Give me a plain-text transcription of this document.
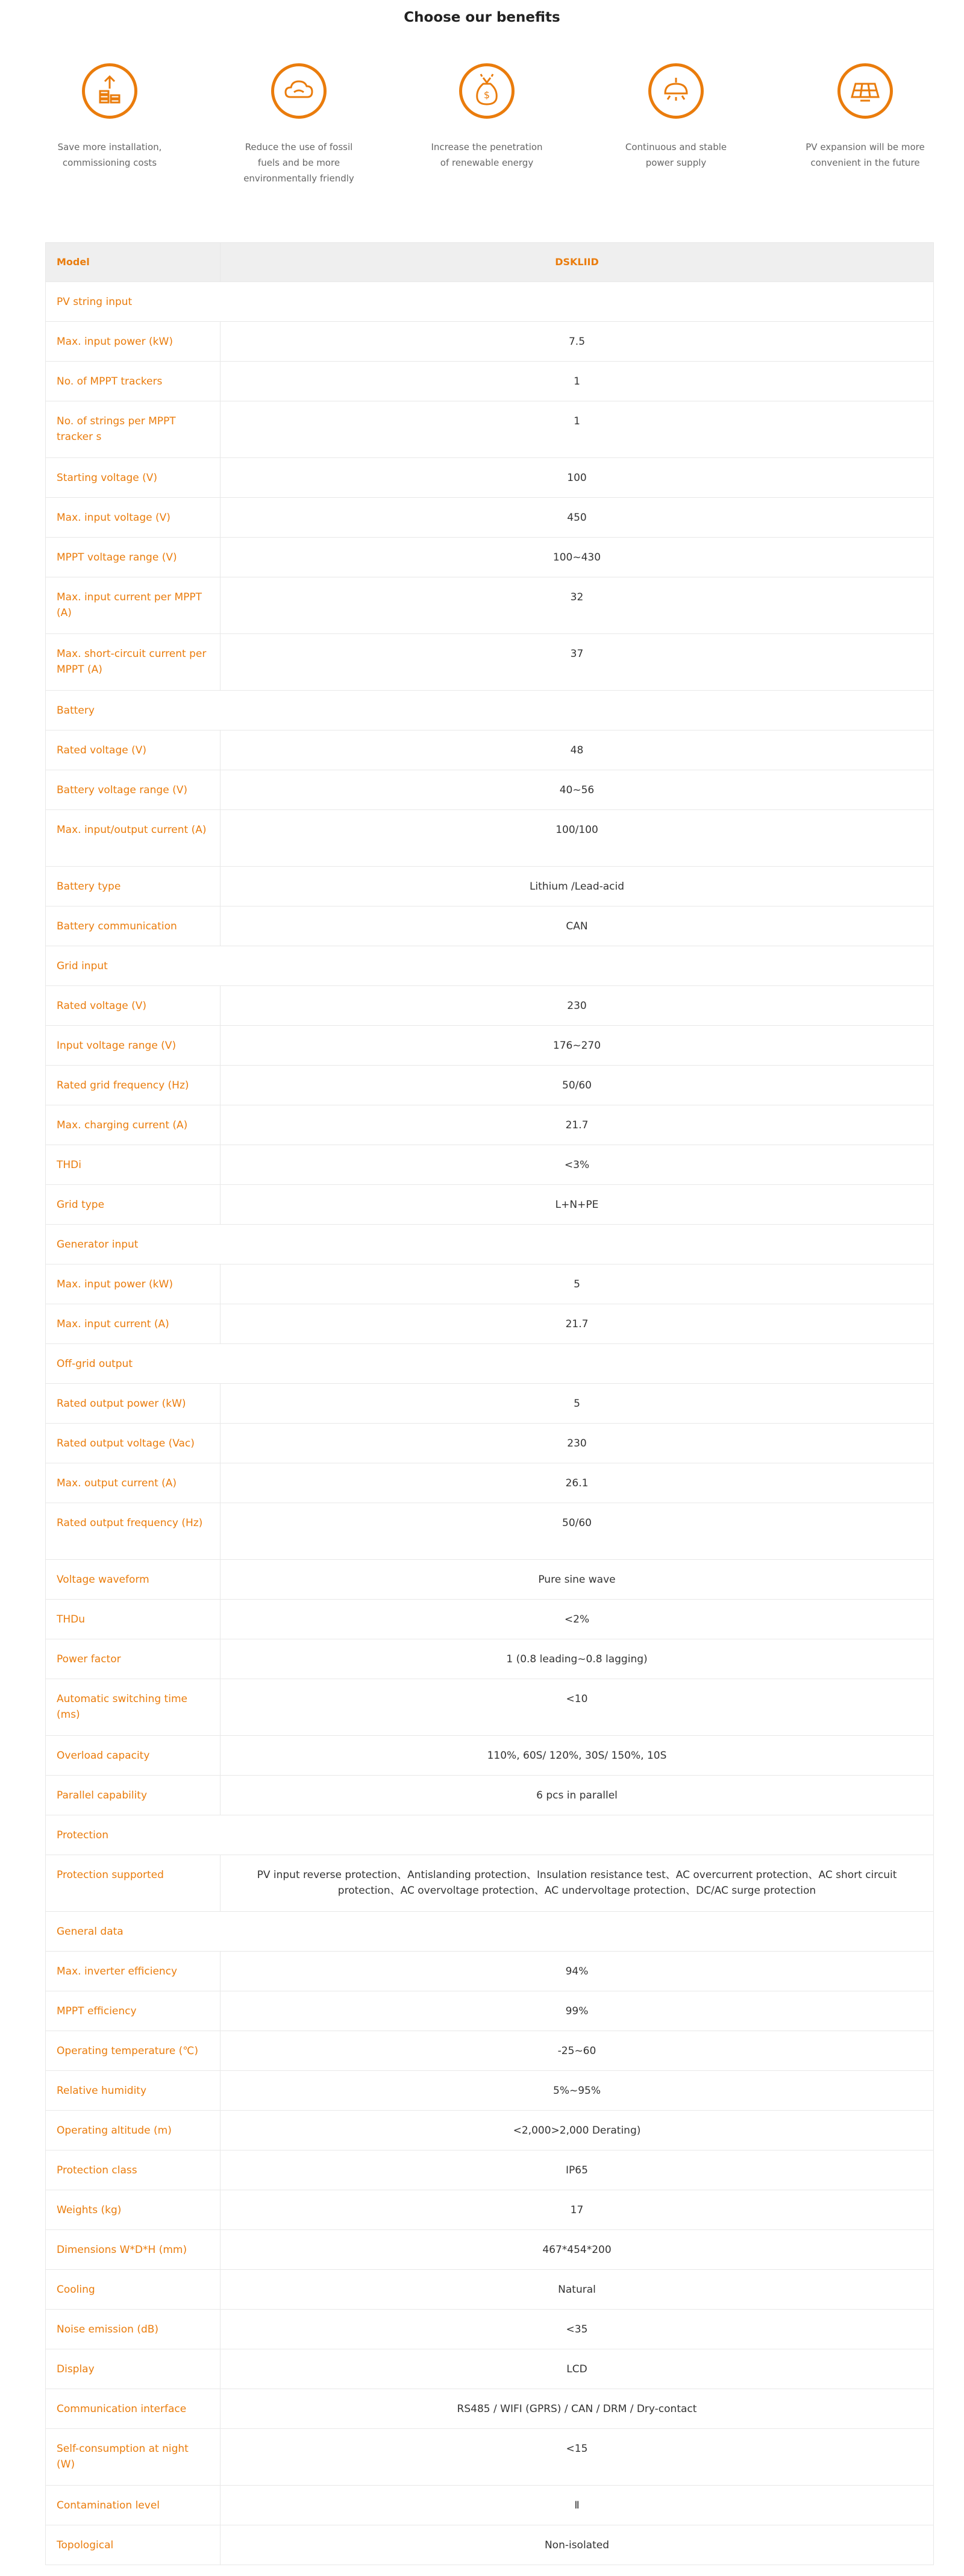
Choose our benefits
Save more installation, commissioning costs
Reduce the use of fossil fuels and be more environmentally friendly
$
Increase the penetration of renewable energy
Continuous and stable power supply
PV expansion will be more convenient in the future
Model	DSKLIID
PV string input	
Max. input power (kW)	7.5
No. of MPPT trackers	1
No. of strings per MPPT tracker s	1
Starting voltage (V)	100
Max. input voltage (V)	450
MPPT voltage range (V)	100~430
Max. input current per MPPT (A)	32
Max. short-circuit current per MPPT (A)	37
Battery	
Rated voltage (V)	48
Battery voltage range (V)	40~56
Max. input/output current (A)	100/100
Battery type	Lithium /Lead-acid
Battery communication	CAN
Grid input	
Rated voltage (V)	230
Input voltage range (V)	176~270
Rated grid frequency (Hz)	50/60
Max. charging current (A)	21.7
THDi	<3%
Grid type	L+N+PE
Generator input	
Max. input power (kW)	5
Max. input current (A)	21.7
Off-grid output	
Rated output power (kW)	5
Rated output voltage (Vac)	230
Max. output current (A)	26.1
Rated output frequency (Hz)	50/60
Voltage waveform	Pure sine wave
THDu	<2%
Power factor	1 (0.8 leading~0.8 lagging)
Automatic switching time (ms)	<10
Overload capacity	110%, 60S/ 120%, 30S/ 150%, 10S
Parallel capability	6 pcs in parallel
Protection	
Protection supported	PV input reverse protection、Antislanding protection、Insulation resistance test、AC overcurrent protection、AC short circuit protection、AC overvoltage protection、AC undervoltage protection、DC/AC surge protection
General data	
Max. inverter efficiency	94%
MPPT efficiency	99%
Operating temperature (℃)	-25~60
Relative humidity	5%~95%
Operating altitude (m)	<2,000>2,000 Derating)
Protection class	IP65
Weights (kg)	17
Dimensions W*D*H (mm)	467*454*200
Cooling	Natural
Noise emission (dB)	<35
Display	LCD
Communication interface	RS485 / WIFI (GPRS) / CAN / DRM / Dry-contact
Self-consumption at night (W)	<15
Contamination level	Ⅱ
Topological	Non-isolated
